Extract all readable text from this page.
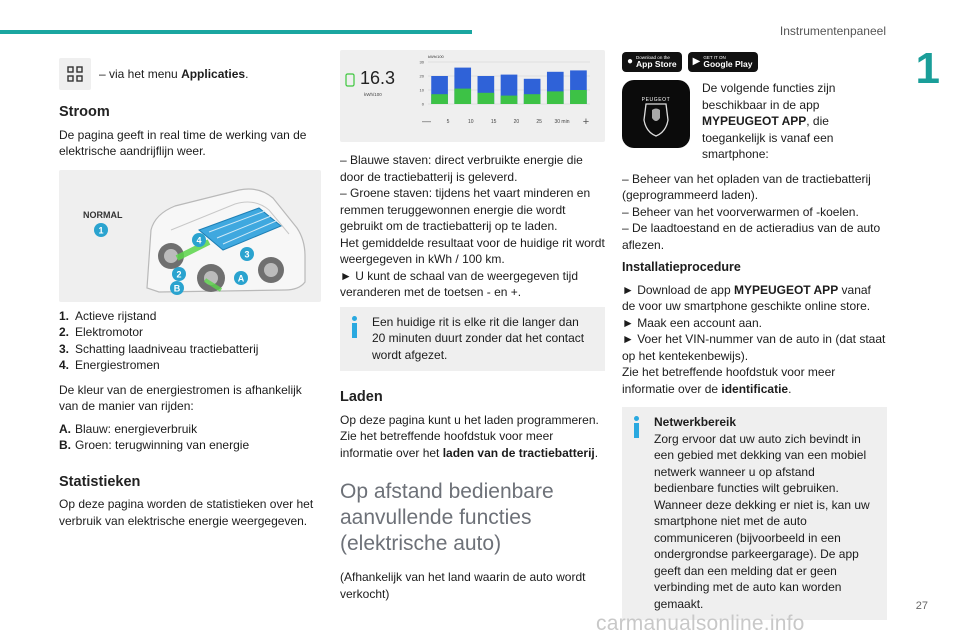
Instrumentenpaneel
1
– via het menu Applicaties.
Stroom

De pagina geeft in real time de werking van de elektrische aandrijflijn weer.

NORMAL
1
2
3
4
A
B
1. Actieve rijstand
2. Elektromotor
3. Schatting laadniveau tractiebatterij
4. Energiestromen

De kleur van de energiestromen is afhankelijk van de manier van rijden:

A. Blauw: energieverbruik
B. Groen: terugwinning van energie
Statistieken

Op deze pagina worden de statistieken over het verbruik van elektrische energie weergegeven.

16.3
kWh/100
kWh/100
0
10
20
30
—	5	10	15	20	25	30 min +

– Blauwe staven: direct verbruikte energie die door de tractiebatterij is geleverd.

– Groene staven: tijdens het vaart minderen en remmen teruggewonnen energie die wordt gebruikt om de tractiebatterij op te laden.

Het gemiddelde resultaat voor de huidige rit wordt weergegeven in kWh / 100 km.

► U kunt de schaal van de weergegeven tijd veranderen met de toetsen - en +.

Een huidige rit is elke rit die langer dan 20 minuten duurt zonder dat het contact wordt afgezet.
Laden

Op deze pagina kunt u het laden programmeren. Zie het betreffende hoofdstuk voor meer informatie over het laden van de tractiebatterij.

Op afstand bedienbare aanvullende functies (elektrische auto)

(Afhankelijk van het land waarin de auto wordt verkocht)

● Download on the
App Store ▶ GET IT ON
Google Play
PEUGEOT
De volgende functies zijn beschikbaar in de app MYPEUGEOT APP, die toegankelijk is vanaf een smartphone:

– Beheer van het opladen van de tractiebatterij (geprogrammeerd laden).

– Beheer van het voorverwarmen of -koelen.

– De laadtoestand en de actieradius van de auto aflezen.

Installatieprocedure

► Download de app MYPEUGEOT APP vanaf de voor uw smartphone geschikte online store.

► Maak een account aan.

► Voer het VIN-nummer van de auto in (dat staat op het kentekenbewijs).

Zie het betreffende hoofdstuk voor meer informatie over de identificatie.

Netwerkbereik
Zorg ervoor dat uw auto zich bevindt in een gebied met dekking van een mobiel netwerk wanneer u op afstand bedienbare functies wilt gebruiken.
Wanneer deze dekking er niet is, kan uw smartphone niet met de auto communiceren (bijvoorbeeld in een ondergrondse parkeergarage). De app geeft dan een melding dat er geen verbinding met de auto kan worden gemaakt.	27
carmanualsonline.info
